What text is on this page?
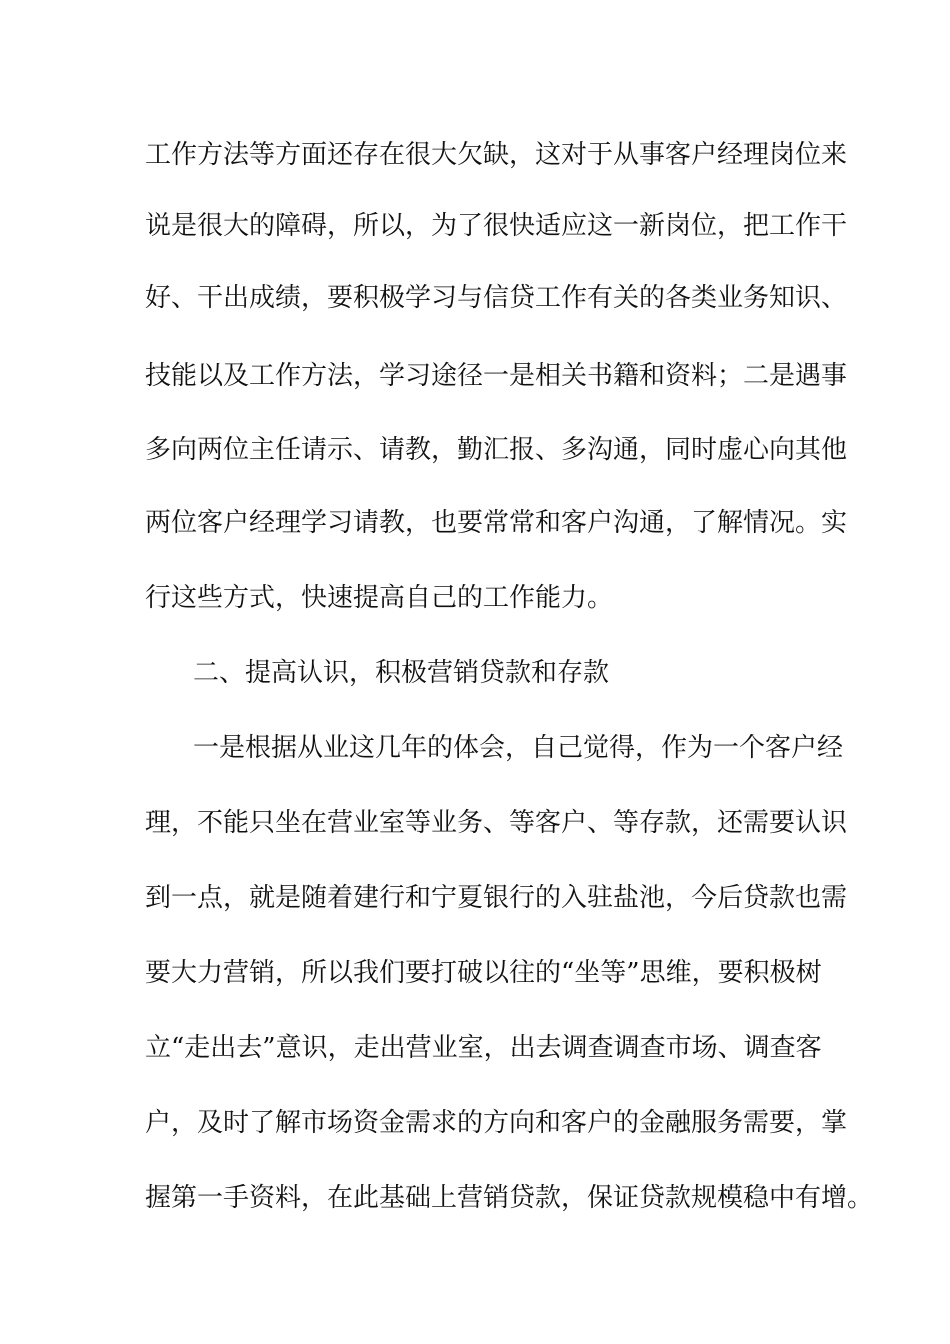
工作方法等方面还存在很大欠缺，这对于从事客户经理岗位来
说是很大的障碍，所以，为了很快适应这一新岗位，把工作干
好、干出成绩，要积极学习与信贷工作有关的各类业务知识、
技能以及工作方法，学习途径一是相关书籍和资料；二是遇事
多向两位主任请示、请教，勤汇报、多沟通，同时虚心向其他
两位客户经理学习请教，也要常常和客户沟通，了解情况。实
行这些方式，快速提高自己的工作能力。
二、提高认识，积极营销贷款和存款
一是根据从业这几年的体会，自己觉得，作为一个客户经
理，不能只坐在营业室等业务、等客户、等存款，还需要认识
到一点，就是随着建行和宁夏银行的入驻盐池，今后贷款也需
要大力营销，所以我们要打破以往的“坐等”思维，要积极树
立“走出去”意识，走出营业室，出去调查调查市场、调查客
户，及时了解市场资金需求的方向和客户的金融服务需要，掌
握第一手资料，在此基础上营销贷款，保证贷款规模稳中有增。
